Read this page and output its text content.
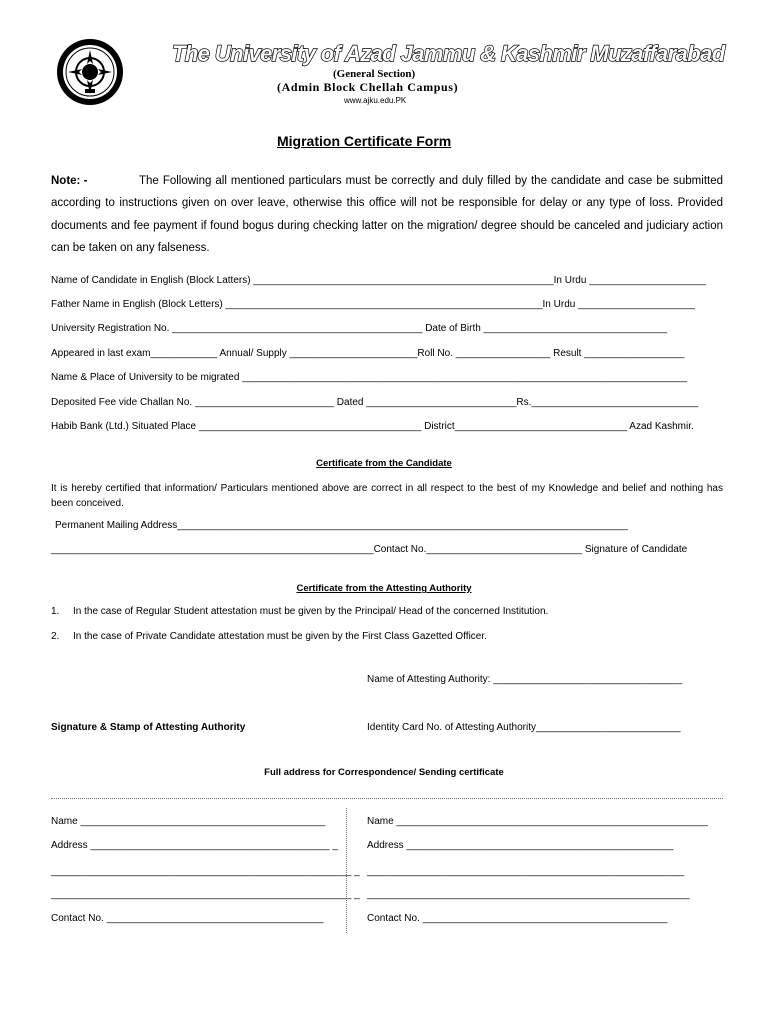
The University of Azad Jammu & Kashmir Muzaffarabad
(General Section)
(Admin Block Chellah Campus)
www.ajku.edu.PK
Migration Certificate Form
Note: -	The Following all mentioned particulars must be correctly and duly filled by the candidate and case be submitted according to instructions given on over leave, otherwise this office will not be responsible for delay or any type of loss. Provided documents and fee payment if found bogus during checking latter on the migration/ degree should be canceled and judiciary action can be taken on any falseness.
Name of Candidate in English (Block Latters) ______________________________________________________In Urdu _____________________
Father Name in English (Block Letters) _________________________________________________________In Urdu _____________________
University Registration No. _____________________________________________ Date of Birth _________________________________
Appeared in last exam____________ Annual/ Supply _______________________Roll No. _________________ Result __________________
Name & Place of University to be migrated ________________________________________________________________________________
Deposited Fee vide Challan No. _________________________ Dated ___________________________Rs.______________________________
Habib Bank (Ltd.) Situated Place ________________________________________ District_______________________________ Azad Kashmir.
Certificate from the Candidate
It is hereby certified that information/ Particulars mentioned above are correct in all respect to the best of my Knowledge and belief and nothing has been conceived.
Permanent Mailing Address_________________________________________________________________________________
__________________________________________________________Contact No.____________________________ Signature of Candidate
Certificate from the Attesting Authority
1. In the case of Regular Student attestation must be given by the Principal/ Head of the concerned Institution.
2. In the case of Private Candidate attestation must be given by the First Class Gazetted Officer.
Name of Attesting Authority: __________________________________
Signature & Stamp of Attesting Authority	Identity Card No. of Attesting Authority__________________________
Full address for Correspondence/ Sending certificate
Name ____________________________________________
Address ___________________________________________ _
______________________________________________________ _
______________________________________________________ _
Contact No. _______________________________________
Name ________________________________________________________
Address ________________________________________________
_________________________________________________________
__________________________________________________________
Contact No. ____________________________________________
